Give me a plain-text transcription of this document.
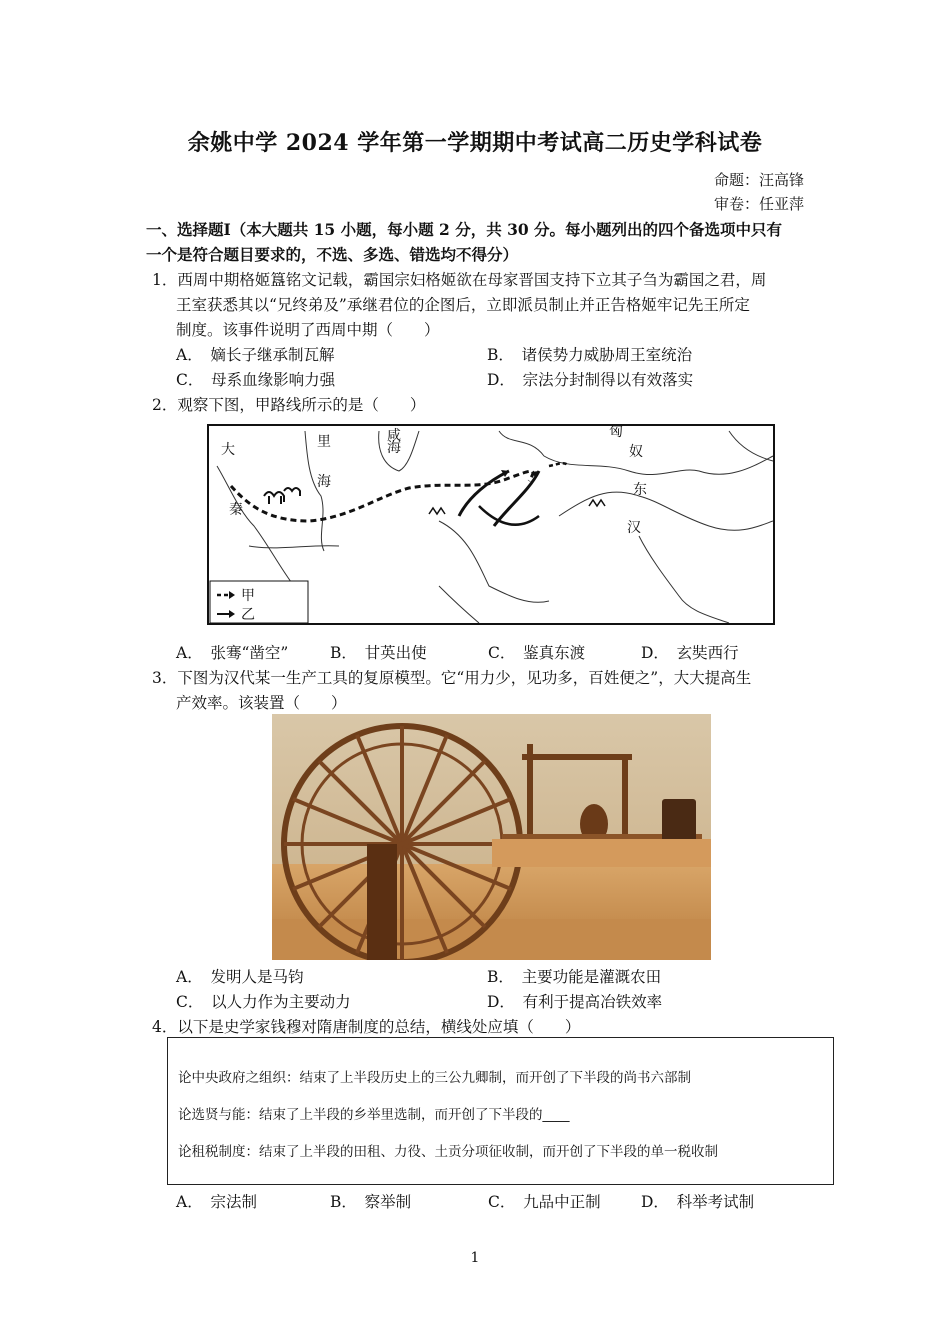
余姚中学 2024 学年第一学期期中考试高二历史学科试卷
命题：汪高锋
审卷：任亚萍
一、选择题Ⅰ（本大题共 15 小题，每小题 2 分，共 30 分。每小题列出的四个备选项中只有
一个是符合题目要求的，不选、多选、错选均不得分）
1．西周中期格姬簋铭文记载，霸国宗妇格姬欲在母家晋国支持下立其子刍为霸国之君，周
王室获悉其以“兄终弟及”承继君位的企图后，立即派员制止并正告格姬牢记先王所定
制度。该事件说明了西周中期（　　）
A．　嫡长子继承制瓦解	B．　诸侯势力威胁周王室统治
C．　母系血缘影响力强	D．　宗法分封制得以有效落实
2．观察下图，甲路线所示的是（　　）
大
秦
里
海
咸
海
匈
奴
东
汉
甲
乙
A．　张骞“凿空”	B．　甘英出使	C．　鉴真东渡	D．　玄奘西行
3．下图为汉代某一生产工具的复原模型。它“用力少，见功多，百姓便之”，大大提高生
产效率。该装置（　　）
A．　发明人是马钧	B．　主要功能是灌溉农田
C．　以人力作为主要动力	D．　有利于提高冶铁效率
4．以下是史学家钱穆对隋唐制度的总结，横线处应填（　　）
论中央政府之组织：结束了上半段历史上的三公九卿制，而开创了下半段的尚书六部制
论选贤与能：结束了上半段的乡举里选制，而开创了下半段的____
论租税制度：结束了上半段的田租、力役、土贡分项征收制，而开创了下半段的单一税收制
A．　宗法制	B．　察举制	C．　九品中正制	D．　科举考试制
1
